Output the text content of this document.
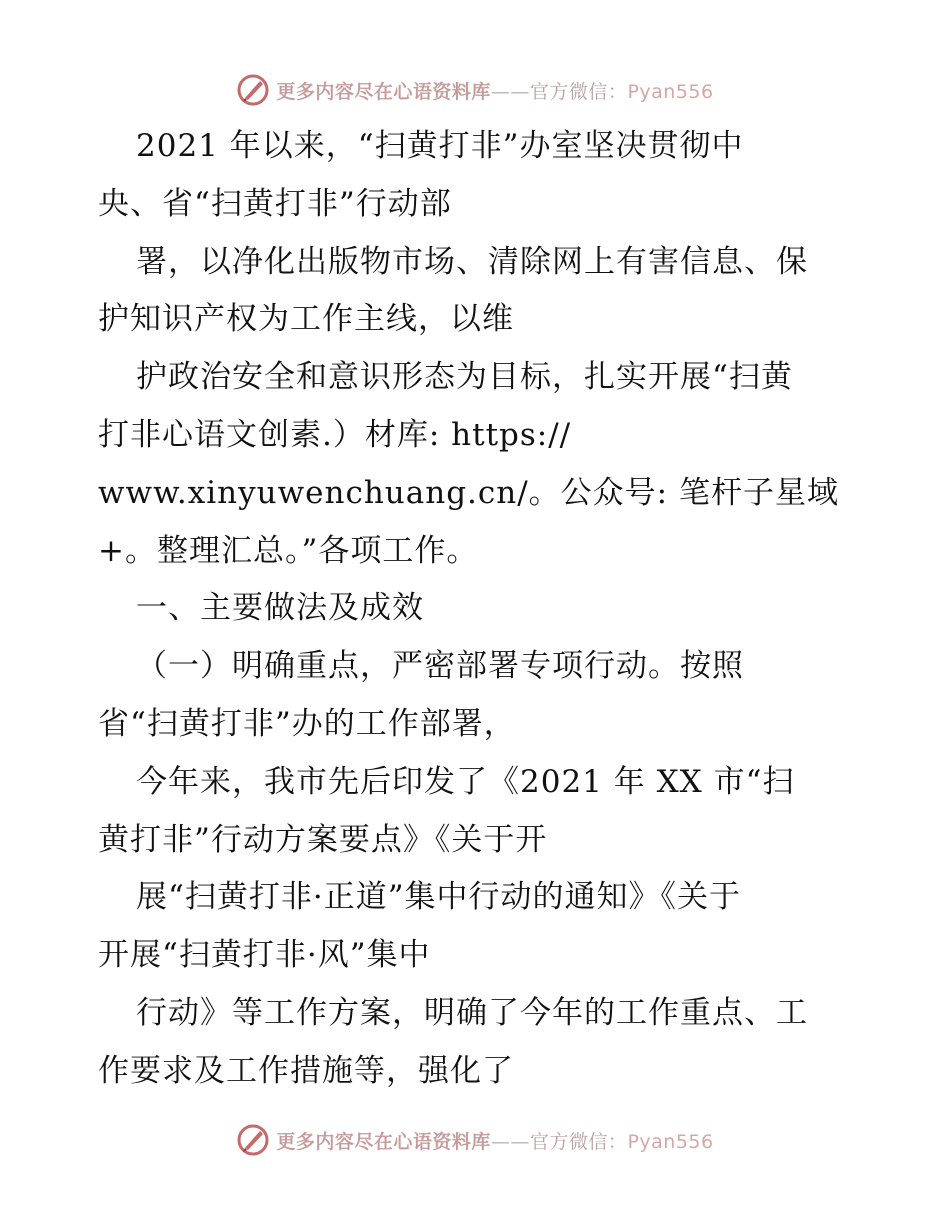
更多内容尽在心语资料库——官方微信：Pyan556
2021 年以来，“扫黄打非”办室坚决贯彻中
央、省“扫黄打非”行动部
署，以净化出版物市场、清除网上有害信息、保
护知识产权为工作主线，以维
护政治安全和意识形态为目标，扎实开展“扫黄
打非心语文创素.）材库: https://
www.xinyuwenchuang.cn/。公众号: 笔杆子星域
+。整理汇总。”各项工作。
一、主要做法及成效
（一）明确重点，严密部署专项行动。按照
省“扫黄打非”办的工作部署，
今年来，我市先后印发了《2021 年 XX 市“扫
黄打非”行动方案要点》《关于开
展“扫黄打非·正道”集中行动的通知》《关于
开展“扫黄打非·风”集中
行动》等工作方案，明确了今年的工作重点、工
作要求及工作措施等，强化了
更多内容尽在心语资料库——官方微信：Pyan556
